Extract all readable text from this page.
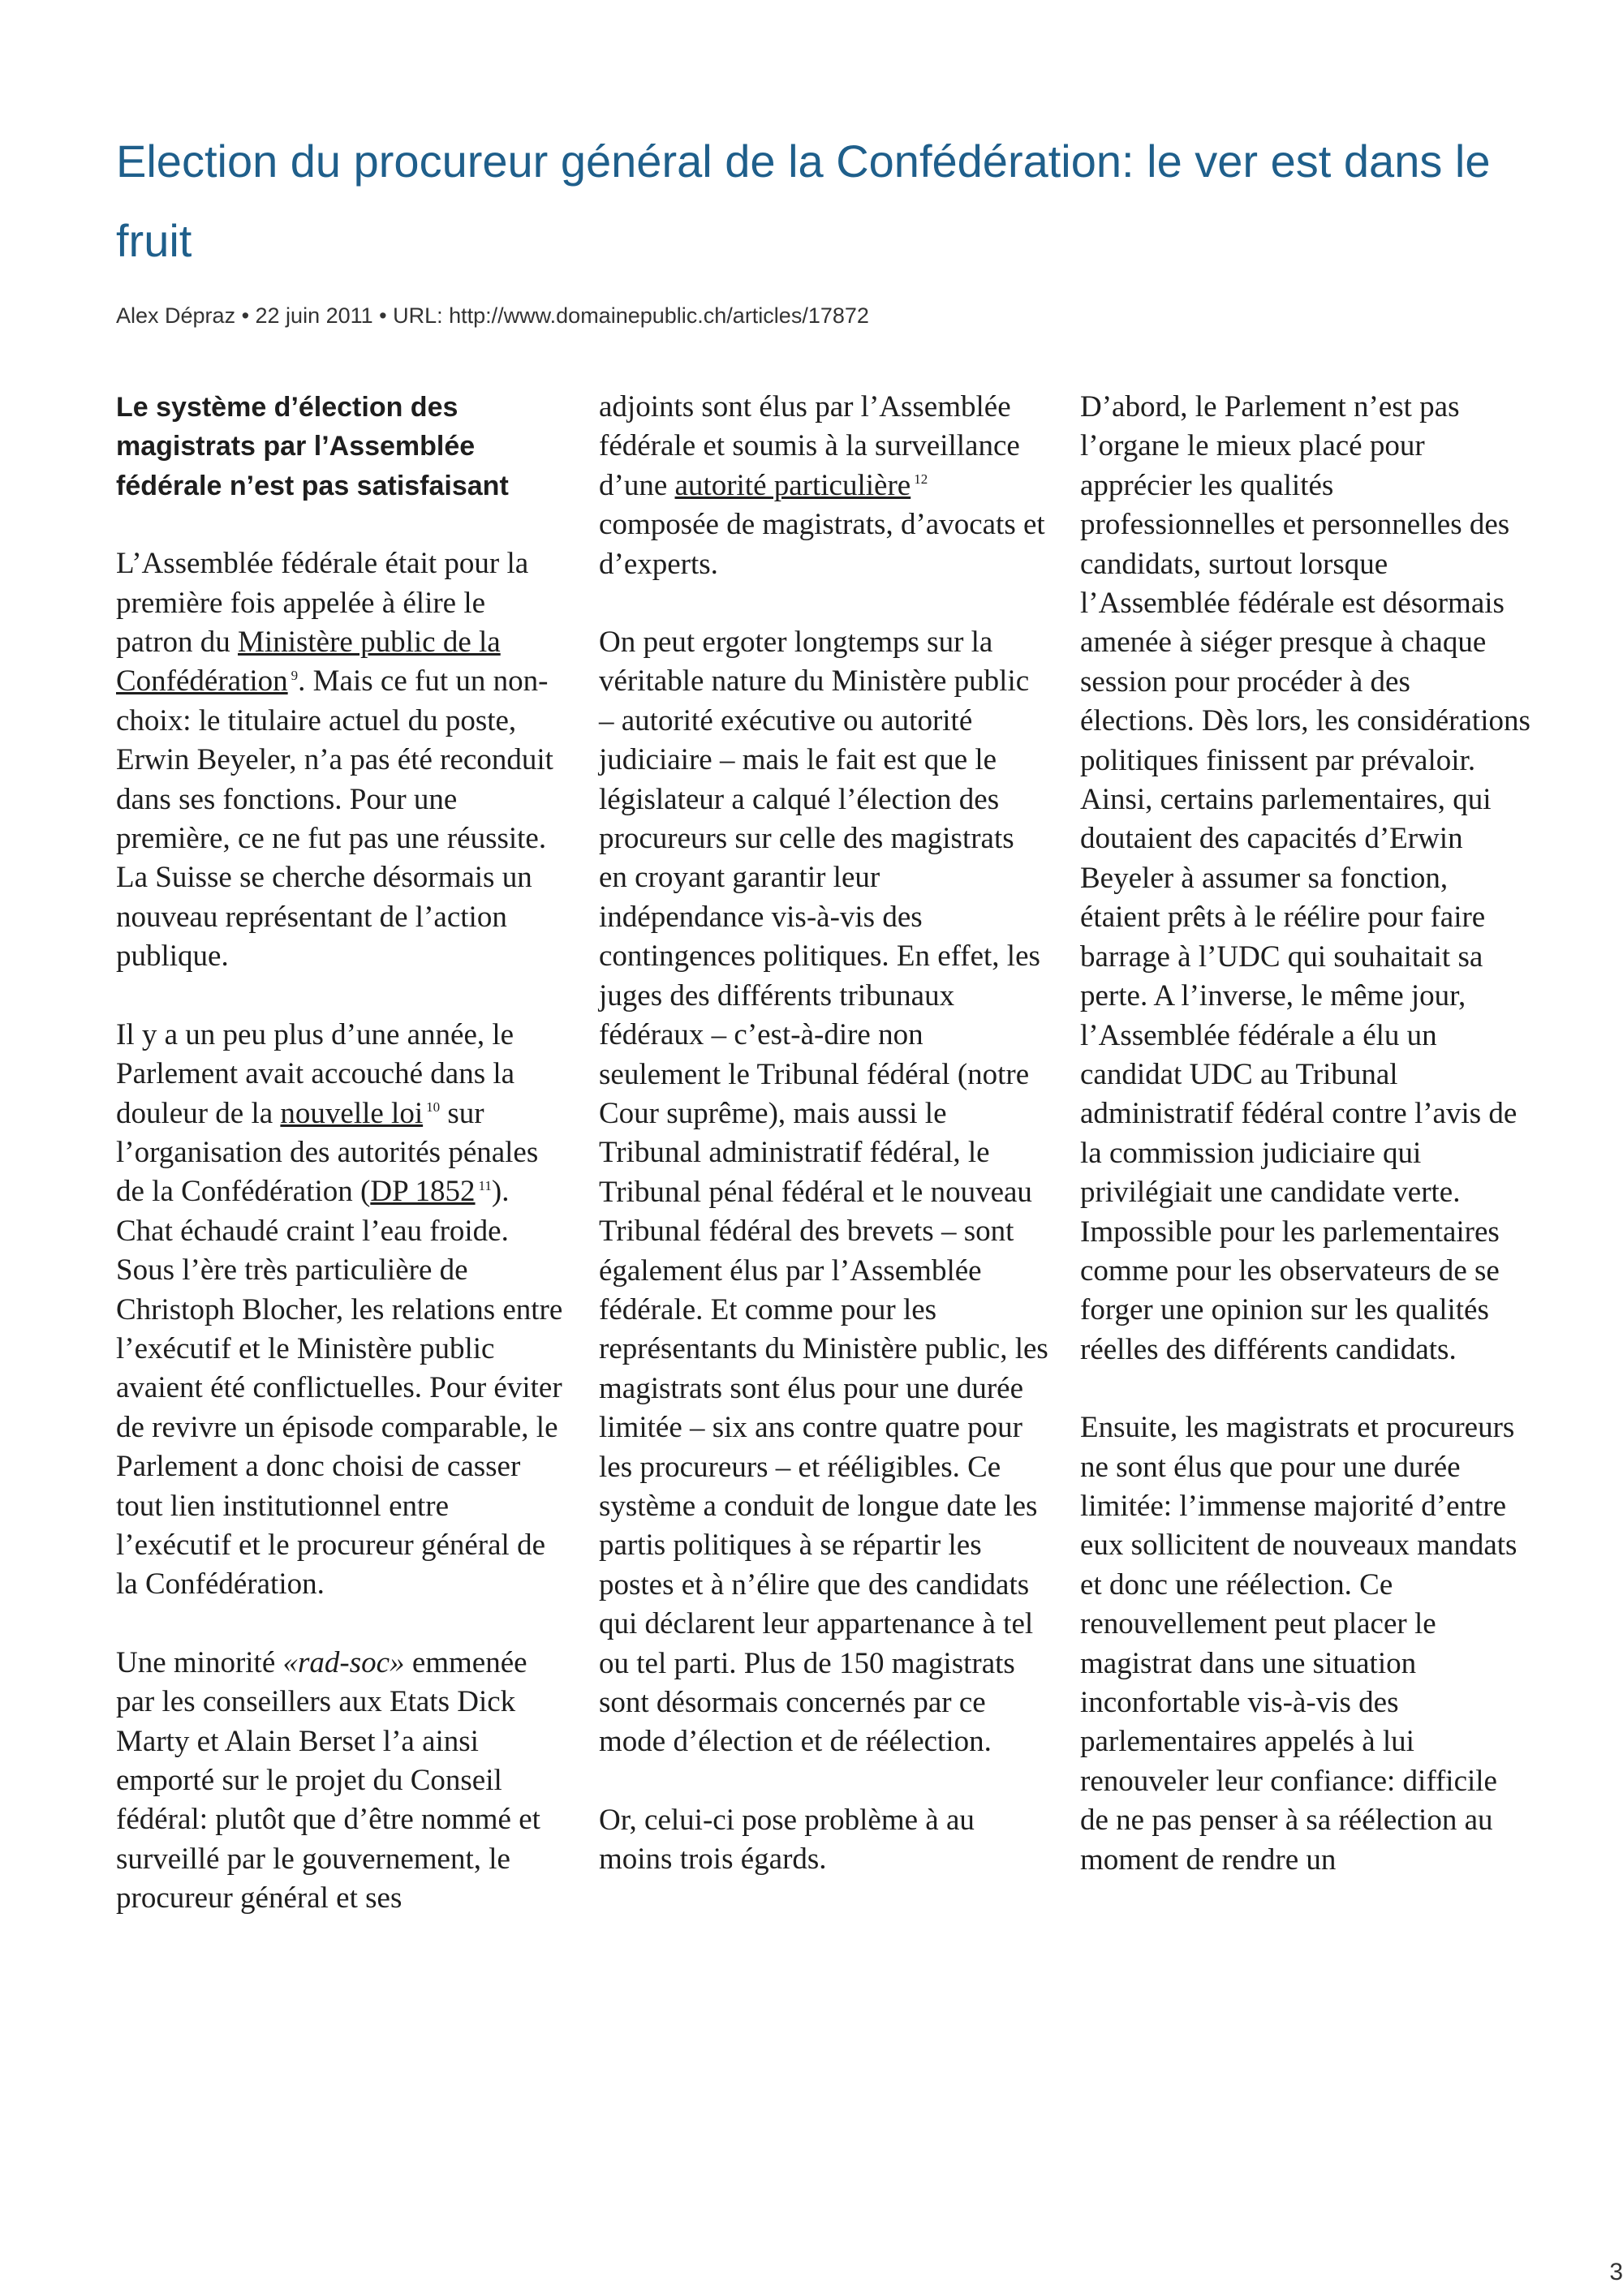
Election du procureur général de la Confédération: le ver est dans le fruit
Alex Dépraz • 22 juin 2011 • URL: http://www.domainepublic.ch/articles/17872

Le système d’élection des magistrats par l’Assemblée fédérale n’est pas satisfaisant

L’Assemblée fédérale était pour la première fois appelée à élire le patron du Ministère public de la Confédération $^9$. Mais ce fut un non-choix: le titulaire actuel du poste, Erwin Beyeler, n’a pas été reconduit dans ses fonctions. Pour une première, ce ne fut pas une réussite. La Suisse se cherche désormais un nouveau représentant de l’action publique.

Il y a un peu plus d’une année, le Parlement avait accouché dans la douleur de la nouvelle loi $^{10}$ sur l’organisation des autorités pénales de la Confédération (DP 1852 $^{11}$). Chat échaudé craint l’eau froide. Sous l’ère très particulière de Christoph Blocher, les relations entre l’exécutif et le Ministère public avaient été conflictuelles. Pour éviter de revivre un épisode comparable, le Parlement a donc choisi de casser tout lien institutionnel entre l’exécutif et le procureur général de la Confédération.

Une minorité «rad-soc» emmenée par les conseillers aux Etats Dick Marty et Alain Berset l’a ainsi emporté sur le projet du Conseil fédéral: plutôt que d’être nommé et surveillé par le gouvernement, le procureur général et ses

adjoints sont élus par l’Assemblée fédérale et soumis à la surveillance d’une autorité particulière $^{12}$ composée de magistrats, d’avocats et d’experts.

On peut ergoter longtemps sur la véritable nature du Ministère public – autorité exécutive ou autorité judiciaire – mais le fait est que le législateur a calqué l’élection des procureurs sur celle des magistrats en croyant garantir leur indépendance vis-à-vis des contingences politiques. En effet, les juges des différents tribunaux fédéraux – c’est-à-dire non seulement le Tribunal fédéral (notre Cour suprême), mais aussi le Tribunal administratif fédéral, le Tribunal pénal fédéral et le nouveau Tribunal fédéral des brevets – sont également élus par l’Assemblée fédérale. Et comme pour les représentants du Ministère public, les magistrats sont élus pour une durée limitée – six ans contre quatre pour les procureurs – et rééligibles. Ce système a conduit de longue date les partis politiques à se répartir les postes et à n’élire que des candidats qui déclarent leur appartenance à tel ou tel parti. Plus de 150 magistrats sont désormais concernés par ce mode d’élection et de réélection.

Or, celui-ci pose problème à au moins trois égards.

D’abord, le Parlement n’est pas l’organe le mieux placé pour apprécier les qualités professionnelles et personnelles des candidats, surtout lorsque l’Assemblée fédérale est désormais amenée à siéger presque à chaque session pour procéder à des élections. Dès lors, les considérations politiques finissent par prévaloir. Ainsi, certains parlementaires, qui doutaient des capacités d’Erwin Beyeler à assumer sa fonction, étaient prêts à le réélire pour faire barrage à l’UDC qui souhaitait sa perte. A l’inverse, le même jour, l’Assemblée fédérale a élu un candidat UDC au Tribunal administratif fédéral contre l’avis de la commission judiciaire qui privilégiait une candidate verte. Impossible pour les parlementaires comme pour les observateurs de se forger une opinion sur les qualités réelles des différents candidats.

Ensuite, les magistrats et procureurs ne sont élus que pour une durée limitée: l’immense majorité d’entre eux sollicitent de nouveaux mandats et donc une réélection. Ce renouvellement peut placer le magistrat dans une situation inconfortable vis-à-vis des parlementaires appelés à lui renouveler leur confiance: difficile de ne pas penser à sa réélection au moment de rendre un

3
